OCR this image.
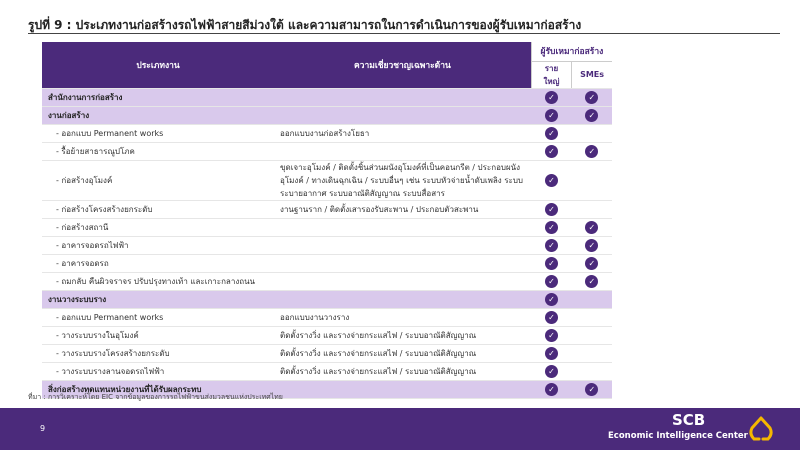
รูปที่ 9 : ประเภทงานก่อสร้างรถไฟฟ้าสายสีม่วงใต้ และความสามารถในการดำเนินการของผู้รับเหมาก่อสร้าง
ประเภทงาน	ความเชี่ยวชาญเฉพาะด้าน	ผู้รับเหมาก่อสร้าง	
		รายใหญ่	SMEs
สำนักงานการก่อสร้าง		✓	✓
งานก่อสร้าง		✓	✓
- ออกแบบ Permanent works	ออกแบบงานก่อสร้างโยธา	✓	
- รื้อย้ายสาธารณูปโภค		✓	✓
- ก่อสร้างอุโมงค์	ขุดเจาะอุโมงค์ / ติดตั้งชิ้นส่วนผนังอุโมงค์ที่เป็นคอนกรีต / ประกอบผนังอุโมงค์ / ทางเดินฉุกเฉิน / ระบบอื่นๆ เช่น ระบบหัวจ่ายน้ำดับเพลิง ระบบระบายอากาศ ระบบอาณัติสัญญาณ ระบบสื่อสาร	✓	
- ก่อสร้างโครงสร้างยกระดับ	งานฐานราก / ติดตั้งเสารองรับสะพาน / ประกอบตัวสะพาน	✓	
- ก่อสร้างสถานี		✓	✓
- อาคารจอดรถไฟฟ้า		✓	✓
- อาคารจอดรถ		✓	✓
- ถมกลับ คืนผิวจราจร ปรับปรุงทางเท้า และเกาะกลางถนน		✓	✓
งานวางระบบราง		✓	
- ออกแบบ Permanent works	ออกแบบงานวางราง	✓	
- วางระบบรางในอุโมงค์	ติดตั้งรางวิ่ง และรางจ่ายกระแสไฟ / ระบบอาณัติสัญญาณ	✓	
- วางระบบรางโครงสร้างยกระดับ	ติดตั้งรางวิ่ง และรางจ่ายกระแสไฟ / ระบบอาณัติสัญญาณ	✓	
- วางระบบรางลานจอดรถไฟฟ้า	ติดตั้งรางวิ่ง และรางจ่ายกระแสไฟ / ระบบอาณัติสัญญาณ	✓	
สิ่งก่อสร้างทดแทนหน่วยงานที่ได้รับผลกระทบ		✓	✓
ที่มา : การวิเคราะห์โดย EIC จากข้อมูลของการรถไฟฟ้าขนส่งมวลชนแห่งประเทศไทย
9	SCB
Economic Intelligence Center
